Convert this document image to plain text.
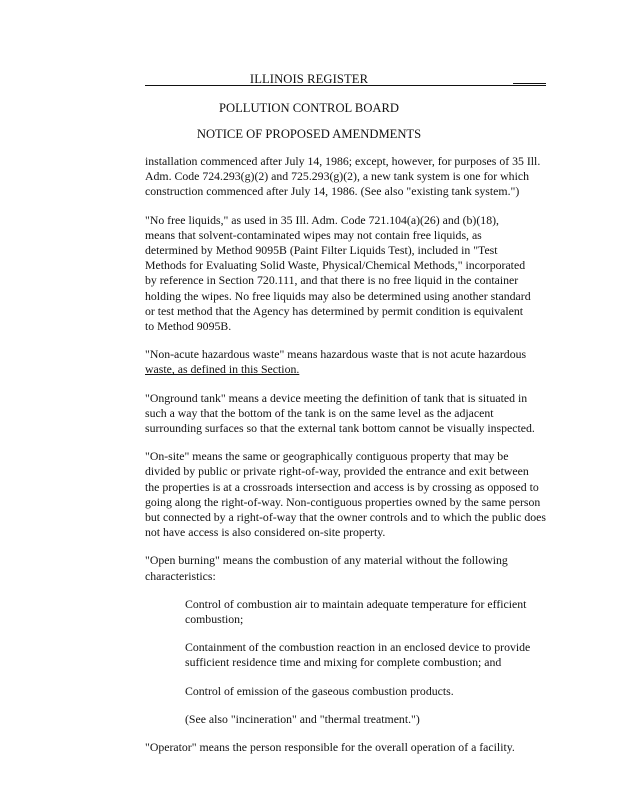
ILLINOIS REGISTER
POLLUTION CONTROL BOARD
NOTICE OF PROPOSED AMENDMENTS

installation commenced after July 14, 1986; except, however, for purposes of 35 Ill.
Adm. Code 724.293(g)(2) and 725.293(g)(2), a new tank system is one for which
construction commenced after July 14, 1986. (See also "existing tank system.")

"No free liquids," as used in 35 Ill. Adm. Code 721.104(a)(26) and (b)(18),
means that solvent-contaminated wipes may not contain free liquids, as
determined by Method 9095B (Paint Filter Liquids Test), included in "Test
Methods for Evaluating Solid Waste, Physical/Chemical Methods," incorporated
by reference in Section 720.111, and that there is no free liquid in the container
holding the wipes. No free liquids may also be determined using another standard
or test method that the Agency has determined by permit condition is equivalent
to Method 9095B.

"Non-acute hazardous waste" means hazardous waste that is not acute hazardous
waste, as defined in this Section.

"Onground tank" means a device meeting the definition of tank that is situated in
such a way that the bottom of the tank is on the same level as the adjacent
surrounding surfaces so that the external tank bottom cannot be visually inspected.

"On-site" means the same or geographically contiguous property that may be
divided by public or private right-of-way, provided the entrance and exit between
the properties is at a crossroads intersection and access is by crossing as opposed to
going along the right-of-way. Non-contiguous properties owned by the same person
but connected by a right-of-way that the owner controls and to which the public does
not have access is also considered on-site property.

"Open burning" means the combustion of any material without the following
characteristics:

Control of combustion air to maintain adequate temperature for efficient
combustion;

Containment of the combustion reaction in an enclosed device to provide
sufficient residence time and mixing for complete combustion; and

Control of emission of the gaseous combustion products.

(See also "incineration" and "thermal treatment.")

"Operator" means the person responsible for the overall operation of a facility.
